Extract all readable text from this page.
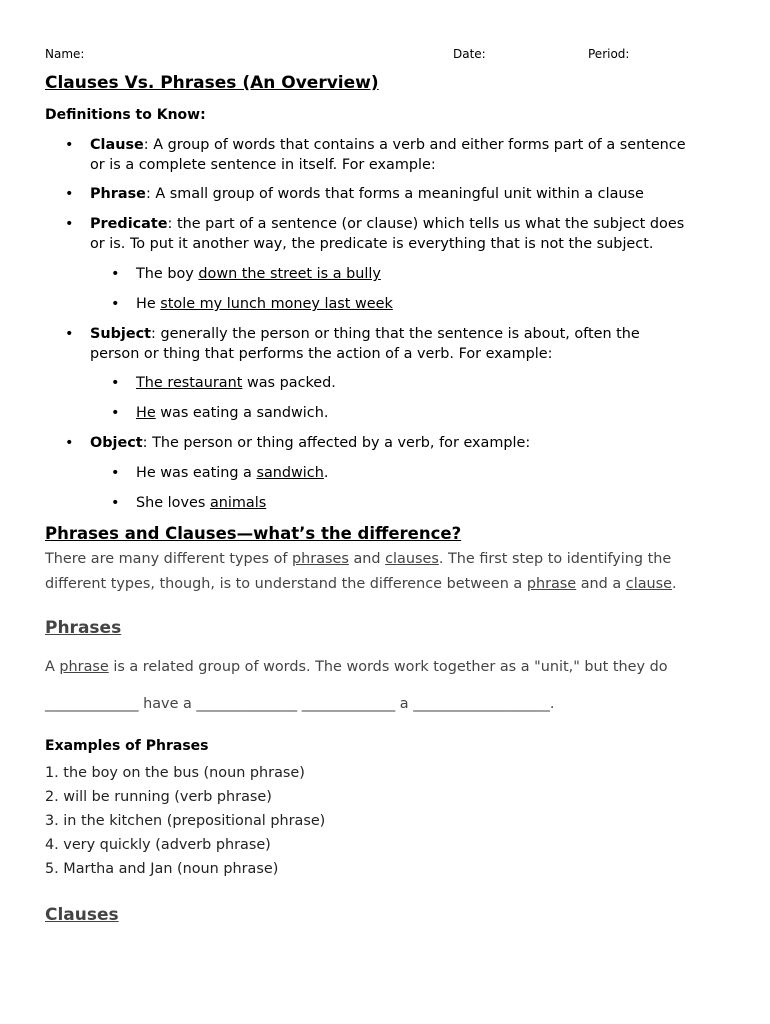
Name:	Date:	Period:
Clauses Vs. Phrases (An Overview)
Definitions to Know:
• Clause: A group of words that contains a verb and either forms part of a sentence
or is a complete sentence in itself. For example:
• Phrase: A small group of words that forms a meaningful unit within a clause
• Predicate: the part of a sentence (or clause) which tells us what the subject does
or is. To put it another way, the predicate is everything that is not the subject.
• The boy down the street is a bully
• He stole my lunch money last week
• Subject: generally the person or thing that the sentence is about, often the
person or thing that performs the action of a verb. For example:
• The restaurant was packed.
• He was eating a sandwich.
• Object: The person or thing affected by a verb, for example:
• He was eating a sandwich.
• She loves animals
Phrases and Clauses—what’s the difference?
There are many different types of phrases and clauses. The first step to identifying the
different types, though, is to understand the difference between a phrase and a clause.
Phrases
A phrase is a related group of words. The words work together as a "unit," but they do
_____________ have a ______________ _____________ a ___________________.
Examples of Phrases
1. the boy on the bus (noun phrase)
2. will be running (verb phrase)
3. in the kitchen (prepositional phrase)
4. very quickly (adverb phrase)
5. Martha and Jan (noun phrase)
Clauses
